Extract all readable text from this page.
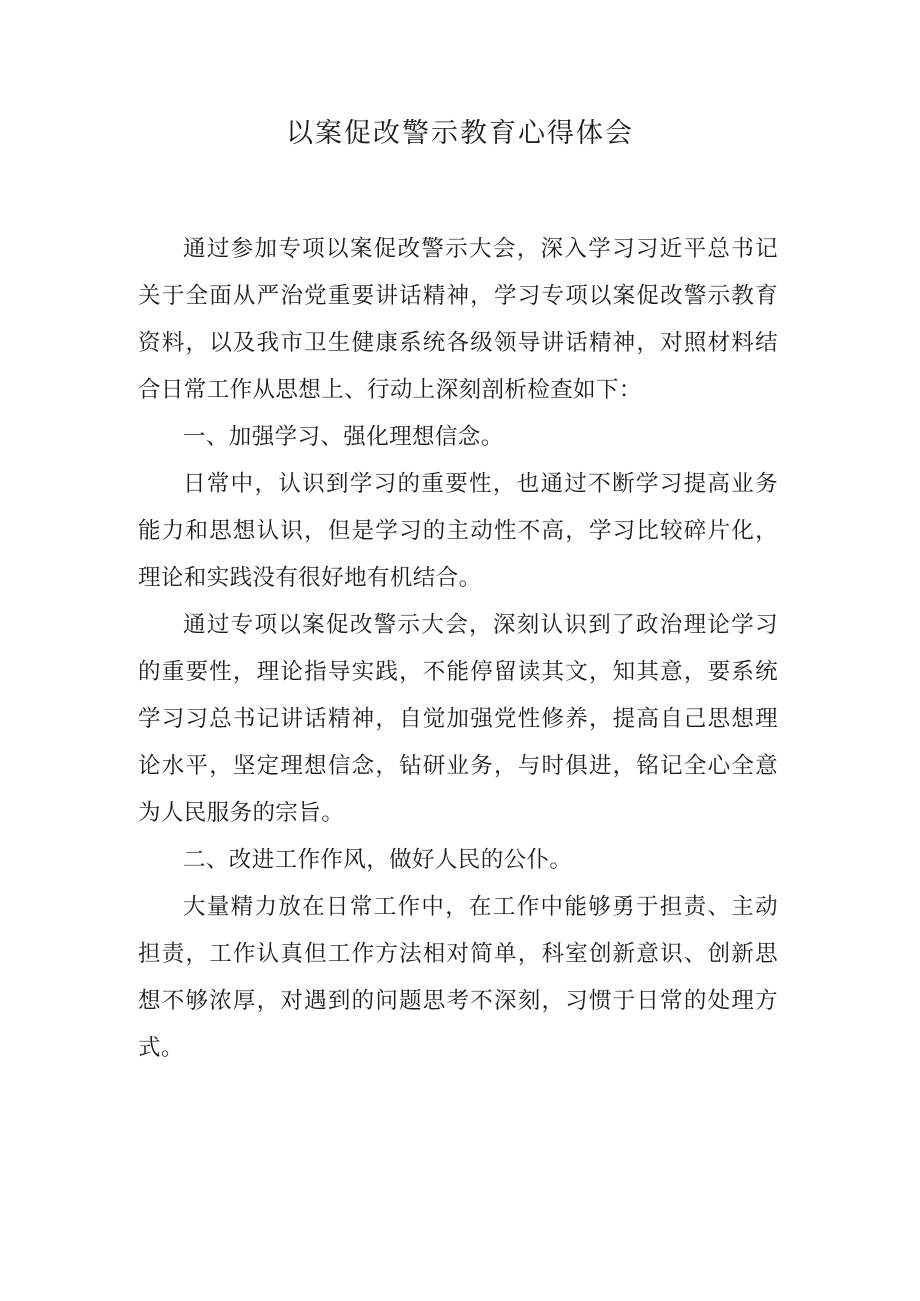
以案促改警示教育心得体会

通过参加专项以案促改警示大会，深入学习习近平总书记关于全面从严治党重要讲话精神，学习专项以案促改警示教育资料，以及我市卫生健康系统各级领导讲话精神，对照材料结合日常工作从思想上、行动上深刻剖析检查如下：

一、加强学习、强化理想信念。

日常中，认识到学习的重要性，也通过不断学习提高业务能力和思想认识，但是学习的主动性不高，学习比较碎片化，理论和实践没有很好地有机结合。

通过专项以案促改警示大会，深刻认识到了政治理论学习的重要性，理论指导实践，不能停留读其文，知其意，要系统学习习总书记讲话精神，自觉加强党性修养，提高自己思想理论水平，坚定理想信念，钻研业务，与时俱进，铭记全心全意为人民服务的宗旨。

二、改进工作作风，做好人民的公仆。

大量精力放在日常工作中，在工作中能够勇于担责、主动担责，工作认真但工作方法相对简单，科室创新意识、创新思想不够浓厚，对遇到的问题思考不深刻，习惯于日常的处理方式。
